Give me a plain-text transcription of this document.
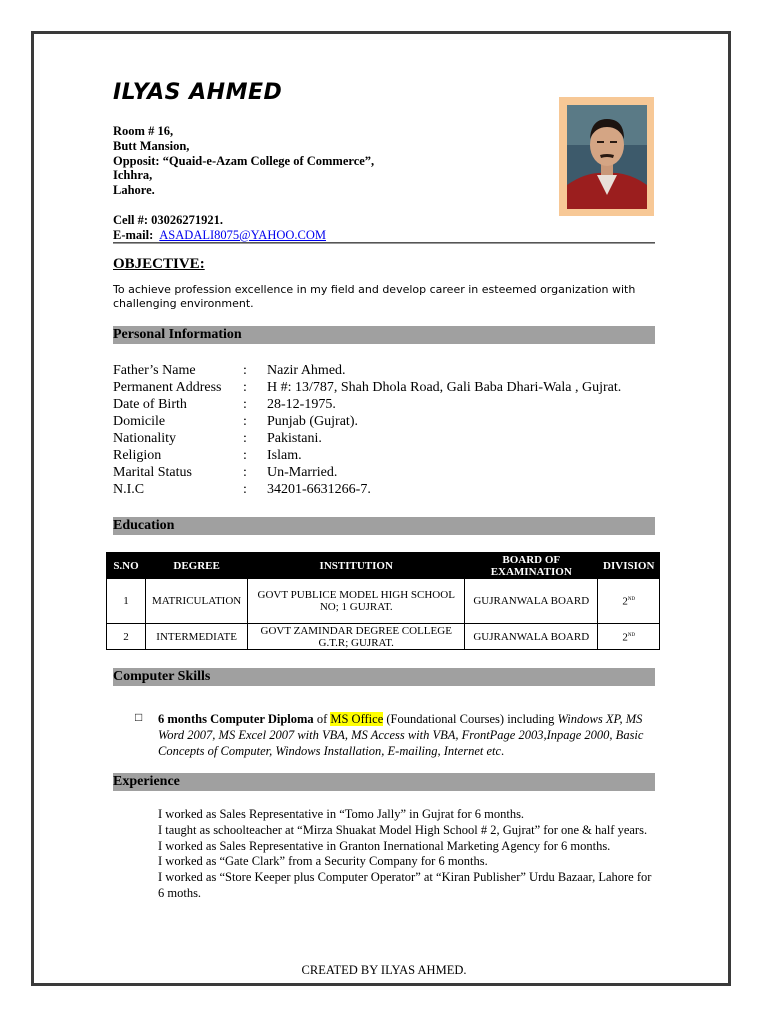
ILYAS AHMED
Room # 16,
Butt Mansion,
Opposit: “Quaid-e-Azam College of Commerce”,
Ichhra,
Lahore.
Cell #: 03026271921.
E-mail: ASADALI8075@YAHOO.COM
OBJECTIVE:
To achieve profession excellence in my field and develop career in esteemed organization with challenging environment.
Personal Information
Father’s Name	:	Nazir Ahmed.
Permanent Address	:	H #: 13/787, Shah Dhola Road, Gali Baba Dhari-Wala , Gujrat.
Date of Birth	:	28-12-1975.
Domicile	:	Punjab (Gujrat).
Nationality	:	Pakistani.
Religion	:	Islam.
Marital Status	:	Un-Married.
N.I.C	:	34201-6631266-7.
Education
S.NO	DEGREE	INSTITUTION	BOARD OF EXAMINATION	DIVISION
1	MATRICULATION	GOVT PUBLICE MODEL HIGH SCHOOL NO; 1 GUJRAT.	GUJRANWALA BOARD	2ND
2	INTERMEDIATE	GOVT ZAMINDAR DEGREE COLLEGE G.T.R; GUJRAT.	GUJRANWALA BOARD	2ND
Computer Skills
□ 6 months Computer Diploma of MS Office (Foundational Courses) including Windows XP, MS Word 2007, MS Excel 2007 with VBA, MS Access with VBA, FrontPage 2003,Inpage 2000, Basic Concepts of Computer, Windows Installation, E-mailing, Internet etc.
Experience
I worked as Sales Representative in “Tomo Jally” in Gujrat for 6 months.
I taught as schoolteacher at “Mirza Shuakat Model High School # 2, Gujrat” for one & half years.
I worked as Sales Representative in Granton Inernational Marketing Agency for 6 months.
I worked as “Gate Clark” from a Security Company for 6 months.
I worked as “Store Keeper plus Computer Operator” at “Kiran Publisher” Urdu Bazaar, Lahore for 6 moths.
CREATED BY ILYAS AHMED.
